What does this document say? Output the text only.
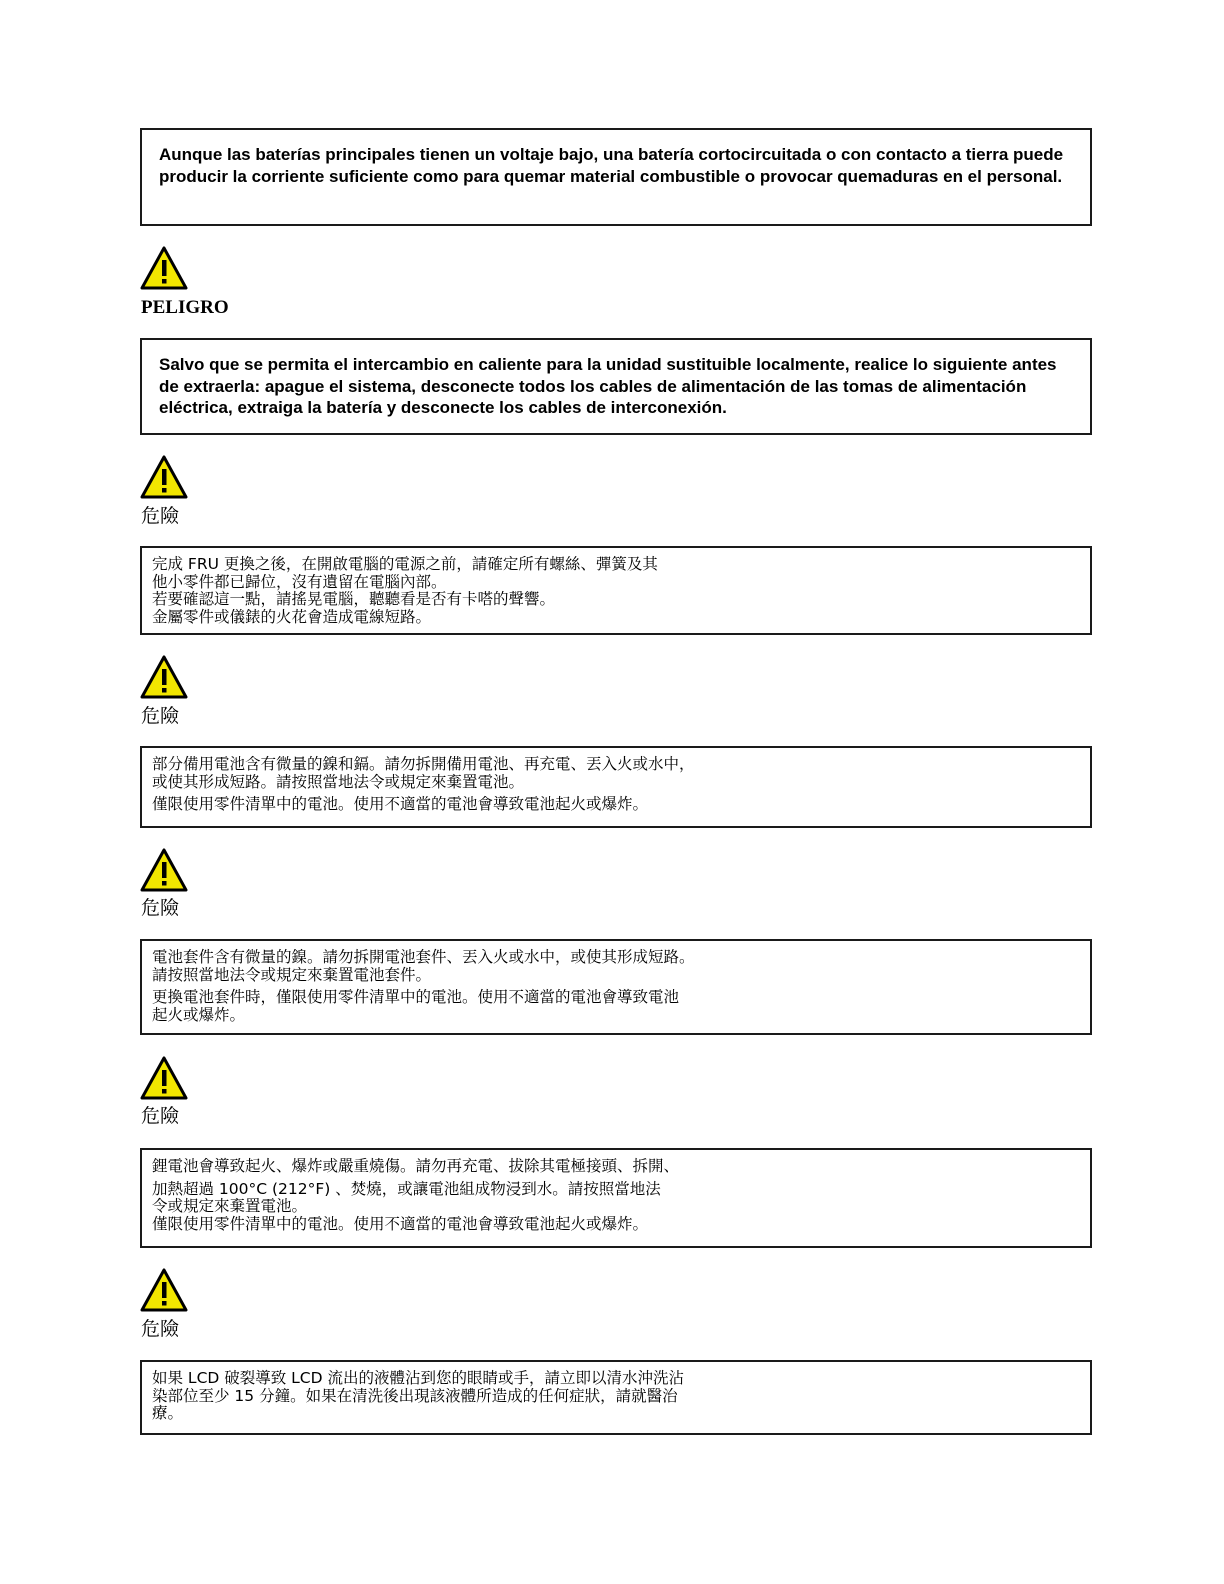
Aunque las baterías principales tienen un voltaje bajo, una batería cortocircuitada o con contacto a tierra puede producir la corriente suficiente como para quemar material combustible o provocar quemaduras en el personal.

PELIGRO

Salvo que se permita el intercambio en caliente para la unidad sustituible localmente, realice lo siguiente antes de extraerla: apague el sistema, desconecte todos los cables de alimentación de las tomas de alimentación eléctrica, extraiga la batería y desconecte los cables de interconexión.

危險
完成 FRU 更換之後，在開啟電腦的電源之前，請確定所有螺絲、彈簧及其
他小零件都已歸位，沒有遺留在電腦內部。
若要確認這一點，請搖晃電腦，聽聽看是否有卡嗒的聲響。
金屬零件或儀錶的火花會造成電線短路。
危險
部分備用電池含有微量的鎳和鎘。請勿拆開備用電池、再充電、丟入火或水中，
或使其形成短路。請按照當地法令或規定來棄置電池。
僅限使用零件清單中的電池。使用不適當的電池會導致電池起火或爆炸。
危險
電池套件含有微量的鎳。請勿拆開電池套件、丟入火或水中，或使其形成短路。
請按照當地法令或規定來棄置電池套件。
更換電池套件時，僅限使用零件清單中的電池。使用不適當的電池會導致電池
起火或爆炸。
危險
鋰電池會導致起火、爆炸或嚴重燒傷。請勿再充電、拔除其電極接頭、拆開、
加熱超過 100°C (212°F) 、焚燒，或讓電池組成物浸到水。請按照當地法
令或規定來棄置電池。
僅限使用零件清單中的電池。使用不適當的電池會導致電池起火或爆炸。
危險
如果 LCD 破裂導致 LCD 流出的液體沾到您的眼睛或手，請立即以清水沖洗沾
染部位至少 15 分鐘。如果在清洗後出現該液體所造成的任何症狀，請就醫治
療。
